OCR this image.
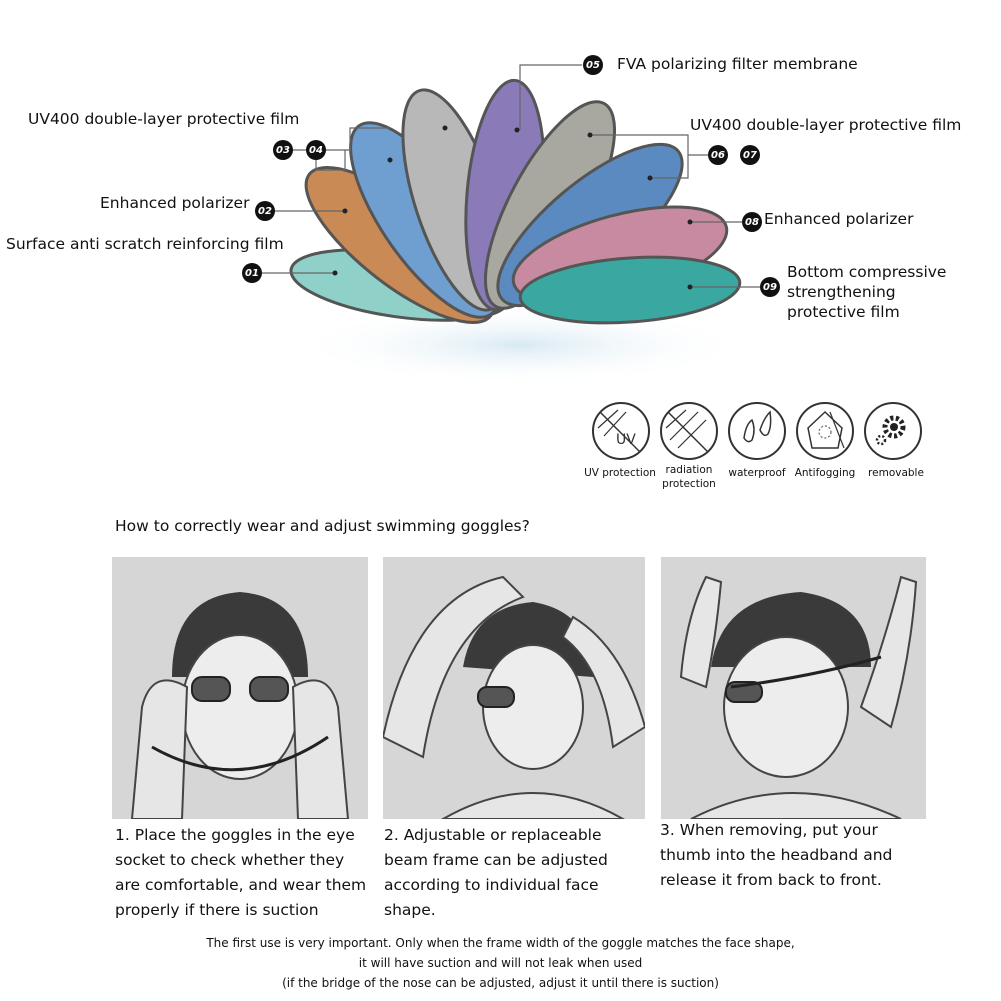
01
02
03	04
05
06	07
08
09
Surface anti scratch reinforcing film
Enhanced polarizer
UV400 double-layer protective film
FVA polarizing filter membrane
UV400 double-layer protective film
Enhanced polarizer
Bottom compressive
strengthening
protective film
UV
UV protection radiation
protection
waterproof Antifogging	removable
How to correctly wear and adjust swimming goggles?
1. Place the goggles in the eye
socket to check whether they
are comfortable, and wear them
properly if there is suction
2. Adjustable or replaceable
beam frame can be adjusted
according to individual face
shape.
3. When removing, put your
thumb into the headband and
release it from back to front.
The first use is very important. Only when the frame width of the goggle matches the face shape,
it will have suction and will not leak when used
(if the bridge of the nose can be adjusted, adjust it until there is suction)
